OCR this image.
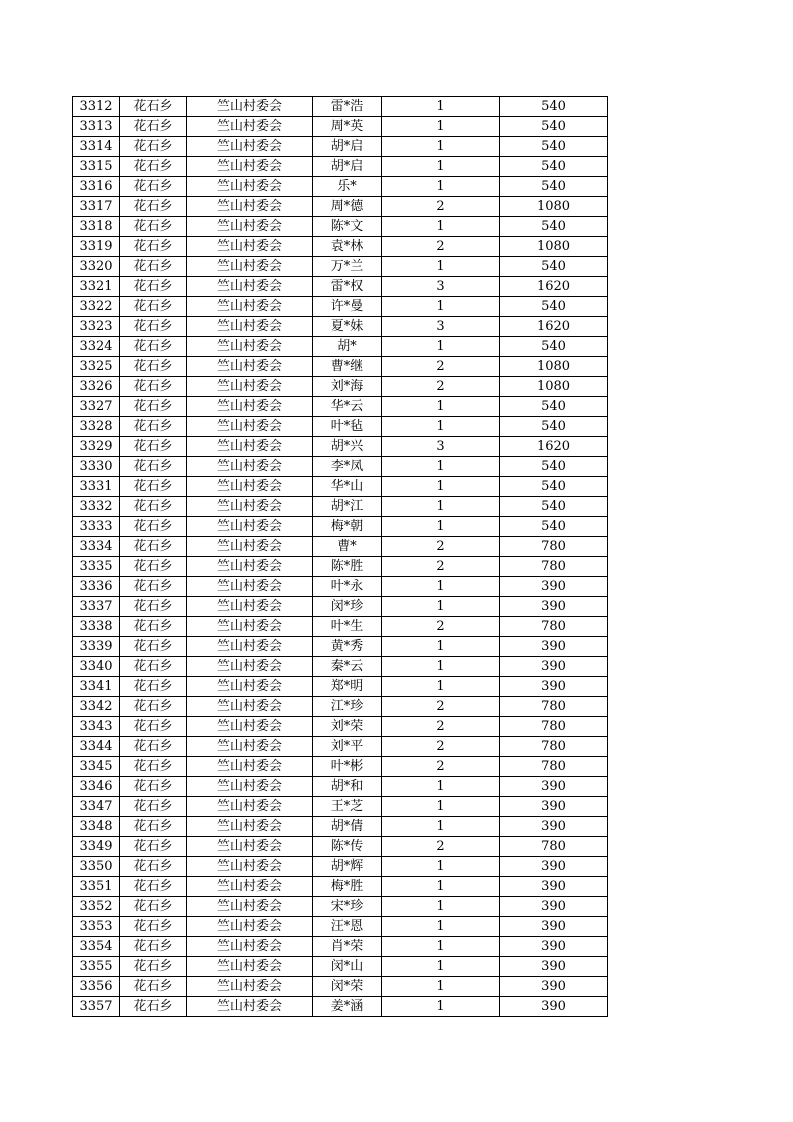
3312	花石乡	竺山村委会	雷*浩	1	540
3313	花石乡	竺山村委会	周*英	1	540
3314	花石乡	竺山村委会	胡*启	1	540
3315	花石乡	竺山村委会	胡*启	1	540
3316	花石乡	竺山村委会	乐*	1	540
3317	花石乡	竺山村委会	周*德	2	1080
3318	花石乡	竺山村委会	陈*文	1	540
3319	花石乡	竺山村委会	袁*林	2	1080
3320	花石乡	竺山村委会	万*兰	1	540
3321	花石乡	竺山村委会	雷*权	3	1620
3322	花石乡	竺山村委会	许*曼	1	540
3323	花石乡	竺山村委会	夏*妹	3	1620
3324	花石乡	竺山村委会	胡*	1	540
3325	花石乡	竺山村委会	曹*继	2	1080
3326	花石乡	竺山村委会	刘*海	2	1080
3327	花石乡	竺山村委会	华*云	1	540
3328	花石乡	竺山村委会	叶*毡	1	540
3329	花石乡	竺山村委会	胡*兴	3	1620
3330	花石乡	竺山村委会	李*凤	1	540
3331	花石乡	竺山村委会	华*山	1	540
3332	花石乡	竺山村委会	胡*江	1	540
3333	花石乡	竺山村委会	梅*朝	1	540
3334	花石乡	竺山村委会	曹*	2	780
3335	花石乡	竺山村委会	陈*胜	2	780
3336	花石乡	竺山村委会	叶*永	1	390
3337	花石乡	竺山村委会	闵*珍	1	390
3338	花石乡	竺山村委会	叶*生	2	780
3339	花石乡	竺山村委会	黄*秀	1	390
3340	花石乡	竺山村委会	秦*云	1	390
3341	花石乡	竺山村委会	郑*明	1	390
3342	花石乡	竺山村委会	江*珍	2	780
3343	花石乡	竺山村委会	刘*荣	2	780
3344	花石乡	竺山村委会	刘*平	2	780
3345	花石乡	竺山村委会	叶*彬	2	780
3346	花石乡	竺山村委会	胡*和	1	390
3347	花石乡	竺山村委会	王*芝	1	390
3348	花石乡	竺山村委会	胡*倩	1	390
3349	花石乡	竺山村委会	陈*传	2	780
3350	花石乡	竺山村委会	胡*辉	1	390
3351	花石乡	竺山村委会	梅*胜	1	390
3352	花石乡	竺山村委会	宋*珍	1	390
3353	花石乡	竺山村委会	汪*恩	1	390
3354	花石乡	竺山村委会	肖*荣	1	390
3355	花石乡	竺山村委会	闵*山	1	390
3356	花石乡	竺山村委会	闵*荣	1	390
3357	花石乡	竺山村委会	姜*涵	1	390
